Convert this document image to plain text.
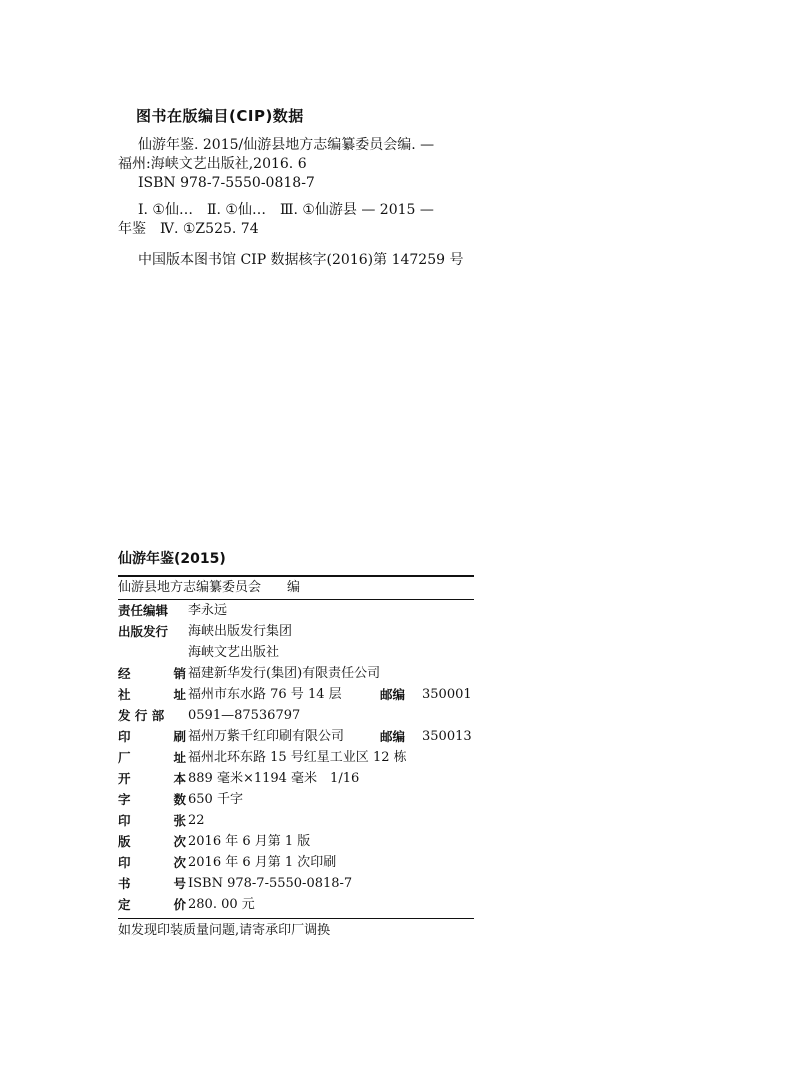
图书在版编目(CIP)数据
仙游年鉴. 2015/仙游县地方志编纂委员会编. —
福州:海峡文艺出版社,2016. 6
ISBN 978-7-5550-0818-7
Ⅰ. ①仙…　Ⅱ. ①仙…　Ⅲ. ①仙游县 — 2015 —
年鉴　Ⅳ. ①Z525. 74
中国版本图书馆 CIP 数据核字(2016)第 147259 号
仙游年鉴(2015)
仙游县地方志编纂委员会　　编
责任编辑	李永远
出版发行	海峡出版发行集团
海峡文艺出版社
经	销 福建新华发行(集团)有限责任公司
社	址 福州市东水路 76 号 14 层	邮编	350001
发 行 部	0591—87536797
印	刷 福州万紫千红印刷有限公司	邮编	350013
厂	址 福州北环东路 15 号红星工业区 12 栋
开	本 889 毫米×1194 毫米　1/16
字	数 650 千字
印	张 22
版	次 2016 年 6 月第 1 版
印	次 2016 年 6 月第 1 次印刷
书	号 ISBN 978-7-5550-0818-7
定	价 280. 00 元
如发现印装质量问题,请寄承印厂调换
